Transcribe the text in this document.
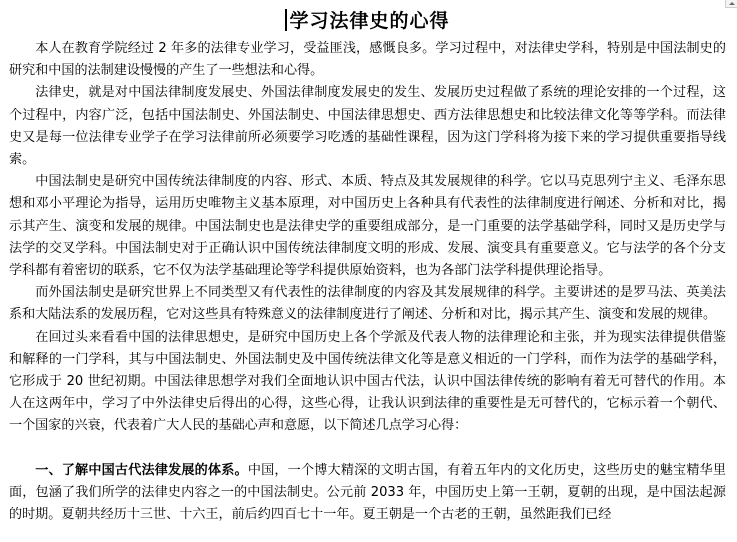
学习法律史的心得

本人在教育学院经过 2 年多的法律专业学习，受益匪浅，感慨良多。学习过程中，对法律史学科，特别是中国法制史的研究和中国的法制建设慢慢的产生了一些想法和心得。

法律史，就是对中国法律制度发展史、外国法律制度发展史的发生、发展历史过程做了系统的理论安排的一个过程，这个过程中，内容广泛，包括中国法制史、外国法制史、中国法律思想史、西方法律思想史和比较法律文化等等学科。而法律史又是每一位法律专业学子在学习法律前所必须要学习吃透的基础性课程，因为这门学科将为接下来的学习提供重要指导线索。

中国法制史是研究中国传统法律制度的内容、形式、本质、特点及其发展规律的科学。它以马克思列宁主义、毛泽东思想和邓小平理论为指导，运用历史唯物主义基本原理，对中国历史上各种具有代表性的法律制度进行阐述、分析和对比，揭示其产生、演变和发展的规律。中国法制史也是法律史学的重要组成部分，是一门重要的法学基础学科，同时又是历史学与法学的交叉学科。中国法制史对于正确认识中国传统法律制度文明的形成、发展、演变具有重要意义。它与法学的各个分支学科都有着密切的联系，它不仅为法学基础理论等学科提供原始资料，也为各部门法学科提供理论指导。

而外国法制史是研究世界上不同类型又有代表性的法律制度的内容及其发展规律的科学。主要讲述的是罗马法、英美法系和大陆法系的发展历程，它对这些具有特殊意义的法律制度进行了阐述、分析和对比，揭示其产生、演变和发展的规律。

在回过头来看看中国的法律思想史，是研究中国历史上各个学派及代表人物的法律理论和主张，并为现实法律提供借鉴和解释的一门学科，其与中国法制史、外国法制史及中国传统法律文化等是意义相近的一门学科，而作为法学的基础学科，它形成于 20 世纪初期。中国法律思想学对我们全面地认识中国古代法，认识中国法律传统的影响有着无可替代的作用。本人在这两年中，学习了中外法律史后得出的心得，这些心得，让我认识到法律的重要性是无可替代的，它标示着一个朝代、一个国家的兴衰，代表着广大人民的基础心声和意愿，以下简述几点学习心得：

一、了解中国古代法律发展的体系。中国，一个博大精深的文明古国，有着五年内的文化历史，这些历史的魅宝精华里面，包涵了我们所学的法律史内容之一的中国法制史。公元前 2033 年，中国历史上第一王朝，夏朝的出现，是中国法起源的时期。夏朝共经历十三世、十六王，前后约四百七十一年。夏王朝是一个古老的王朝，虽然距我们已经
